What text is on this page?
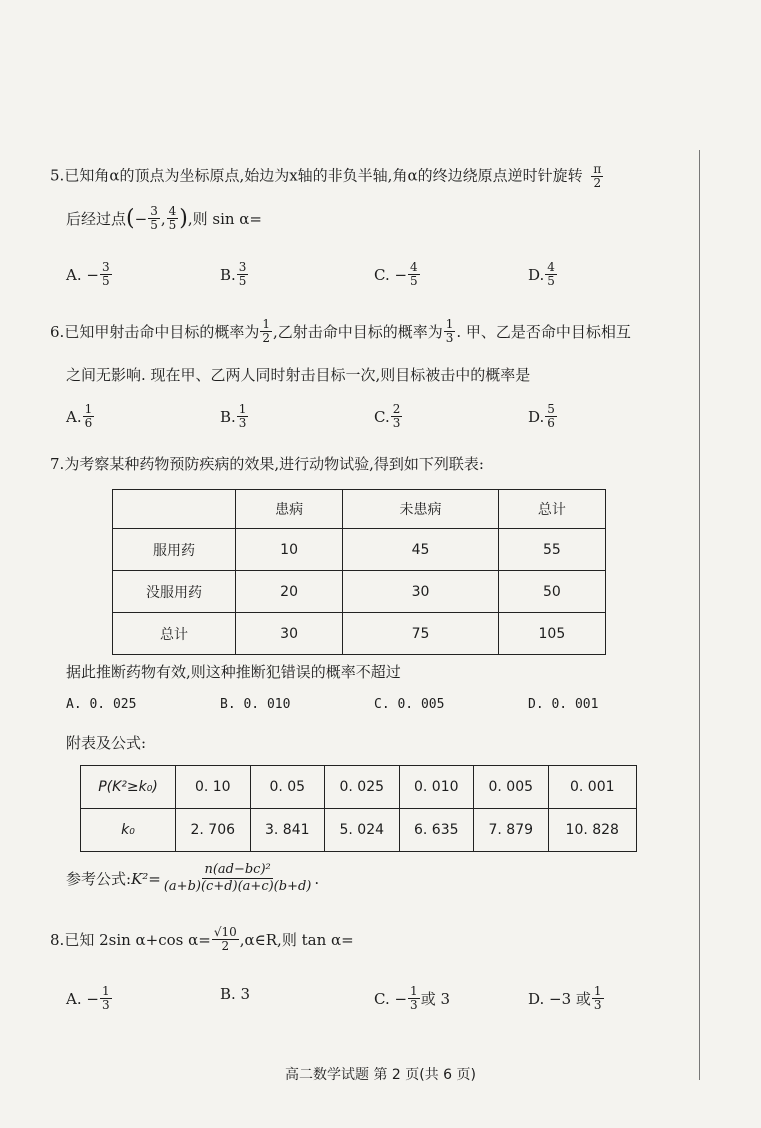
5.已知角α的顶点为坐标原点,始边为x轴的非负半轴,角α的终边绕原点逆时针旋转 $\frac{\pi}{2}$
后经过点 ( − $\frac{3}{5}$ , $\frac{4}{5}$ ) ,则 sin α=
A. − $\frac{3}{5}$	B. $\frac{3}{5}$	C. − $\frac{4}{5}$	D. $\frac{4}{5}$
6. 已知甲射击命中目标的概率为 $\frac{1}{2}$ ,乙射击命中目标的概率为 $\frac{1}{3}$ . 甲、乙是否命中目标相互
之间无影响. 现在甲、乙两人同时射击目标一次,则目标被击中的概率是
A. $\frac{1}{6}$	B. $\frac{1}{3}$	C. $\frac{2}{3}$	D. $\frac{5}{6}$
7.为考察某种药物预防疾病的效果,进行动物试验,得到如下列联表:
	患病	未患病	总计
服用药	10	45	55
没服用药	20	30	50
总计	30	75	105
据此推断药物有效,则这种推断犯错误的概率不超过
A. 0. 025	B. 0. 010	C. 0. 005	D. 0. 001
附表及公式:
P(K²≥k₀)	0. 10	0. 05	0. 025	0. 010	0. 005	0. 001
k₀	2. 706	3. 841	5. 024	6. 635	7. 879	10. 828
参考公式: $K^2= \frac{\text{n(ad−bc)²}}{(a+b)(c+d)(a+c)(b+d)}$ .
8. 已知 2sin α+cos $\alpha= \frac{√10}{2}$ ,α∈R,则 tan α=
A. − $\frac{1}{3}$	B. 3	C. − $\frac{1}{3}$ 或 3	D. −3 或 $\frac{1}{3}$
高二数学试题 第 2 页(共 6 页)
